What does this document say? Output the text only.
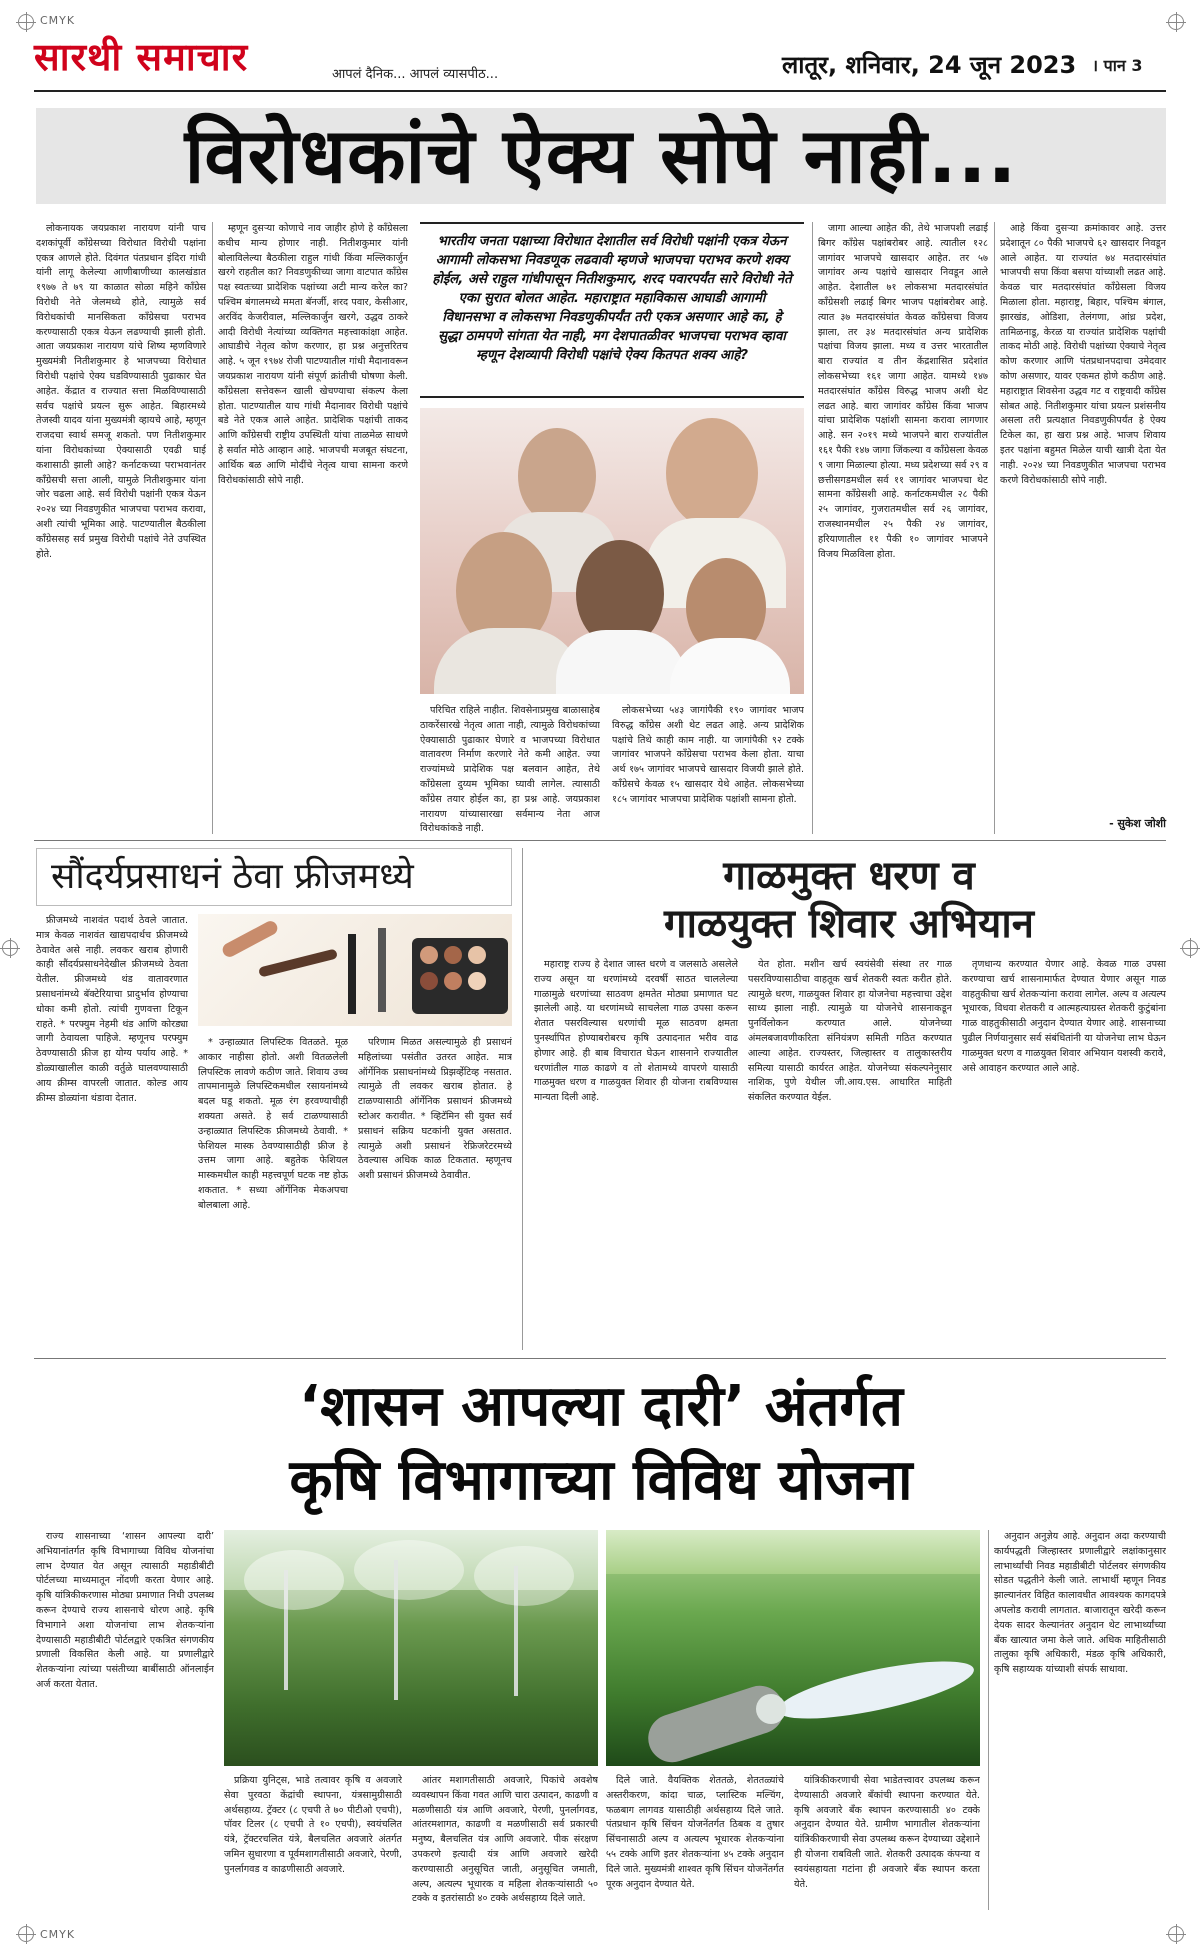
CMYK
सारथी समाचार	आपलं दैनिक... आपलं व्यासपीठ...	लातूर, शनिवार, 24 जून 2023 । पान 3
विरोधकांचे ऐक्य सोपे नाही...

लोकनायक जयप्रकाश नारायण यांनी पाच दशकांपूर्वी काँग्रेसच्या विरोधात विरोधी पक्षांना एकत्र आणले होते. दिवंगत पंतप्रधान इंदिरा गांधी यांनी लागू केलेल्या आणीबाणीच्या कालखंडात १९७७ ते ७९ या काळात सोळा महिने काँग्रेस विरोधी नेते जेलमध्ये होते, त्यामुळे सर्व विरोधकांची मानसिकता काँग्रेसचा पराभव करण्यासाठी एकत्र येऊन लढण्याची झाली होती. आता जयप्रकाश नारायण यांचे शिष्य म्हणविणारे मुख्यमंत्री नितीशकुमार हे भाजपच्या विरोधात विरोधी पक्षांचे ऐक्य घडविण्यासाठी पुढाकार घेत आहेत. केंद्रात व राज्यात सत्ता मिळविण्यासाठी सर्वच पक्षांचे प्रयत्न सुरू आहेत. बिहारमध्ये तेजस्वी यादव यांना मुख्यमंत्री व्हायचे आहे, म्हणून राजदचा स्वार्थ समजू शकतो. पण नितीशकुमार यांना विरोधकांच्या ऐक्यासाठी एवढी घाई कशासाठी झाली आहे? कर्नाटकच्या पराभवानंतर काँग्रेसची सत्ता आली, यामुळे नितीशकुमार यांना जोर चढला आहे. सर्व विरोधी पक्षांनी एकत्र येऊन २०२४ च्या निवडणुकीत भाजपचा पराभव करावा, अशी त्यांची भूमिका आहे. पाटण्यातील बैठकीला काँग्रेससह सर्व प्रमुख विरोधी पक्षांचे नेते उपस्थित होते.

म्हणून दुसऱ्या कोणाचे नाव जाहीर होणे हे काँग्रेसला कधीच मान्य होणार नाही. नितीशकुमार यांनी बोलाविलेल्या बैठकीला राहुल गांधी किंवा मल्लिकार्जुन खरगे राहतील का? निवडणुकीच्या जागा वाटपात काँग्रेस पक्ष स्वतःच्या प्रादेशिक पक्षांच्या अटी मान्य करेल का? पश्चिम बंगालमध्ये ममता बॅनर्जी, शरद पवार, केसीआर, अरविंद केजरीवाल, मल्लिकार्जुन खरगे, उद्धव ठाकरे आदी विरोधी नेत्यांच्या व्यक्तिगत महत्त्वाकांक्षा आहेत. आघाडीचे नेतृत्व कोण करणार, हा प्रश्न अनुत्तरितच आहे. ५ जून १९७४ रोजी पाटण्यातील गांधी मैदानावरून जयप्रकाश नारायण यांनी संपूर्ण क्रांतीची घोषणा केली. काँग्रेसला सत्तेवरून खाली खेचण्याचा संकल्प केला होता. पाटण्यातील याच गांधी मैदानावर विरोधी पक्षांचे बडे नेते एकत्र आले आहेत. प्रादेशिक पक्षांची ताकद आणि काँग्रेसची राष्ट्रीय उपस्थिती यांचा ताळमेळ साधणे हे सर्वात मोठे आव्हान आहे. भाजपची मजबूत संघटना, आर्थिक बळ आणि मोदींचे नेतृत्व याचा सामना करणे विरोधकांसाठी सोपे नाही.

भारतीय जनता पक्षाच्या विरोधात देशातील सर्व विरोधी पक्षांनी एकत्र येऊन आगामी लोकसभा निवडणूक लढवावी म्हणजे भाजपचा पराभव करणे शक्य होईल, असे राहुल गांधीपासून नितीशकुमार, शरद पवारपर्यंत सारे विरोधी नेते एका सुरात बोलत आहेत. महाराष्ट्रात महाविकास आघाडी आगामी विधानसभा व लोकसभा निवडणुकीपर्यंत तरी एकत्र असणार आहे का, हे सुद्धा ठामपणे सांगता येत नाही, मग देशपातळीवर भाजपचा पराभव व्हावा म्हणून देशव्यापी विरोधी पक्षांचे ऐक्य कितपत शक्य आहे?

परिचित राहिले नाहीत. शिवसेनाप्रमुख बाळासाहेब ठाकरेंसारखे नेतृत्व आता नाही, त्यामुळे विरोधकांच्या ऐक्यासाठी पुढाकार घेणारे व भाजपच्या विरोधात वातावरण निर्माण करणारे नेते कमी आहेत. ज्या राज्यांमध्ये प्रादेशिक पक्ष बलवान आहेत, तेथे काँग्रेसला दुय्यम भूमिका घ्यावी लागेल. त्यासाठी काँग्रेस तयार होईल का, हा प्रश्न आहे. जयप्रकाश नारायण यांच्यासारखा सर्वमान्य नेता आज विरोधकांकडे नाही.

लोकसभेच्या ५४३ जागांपैकी १९० जागांवर भाजप विरुद्ध काँग्रेस अशी थेट लढत आहे. अन्य प्रादेशिक पक्षांचे तिथे काही काम नाही. या जागांपैकी ९२ टक्के जागांवर भाजपने काँग्रेसचा पराभव केला होता. याचा अर्थ १७५ जागांवर भाजपचे खासदार विजयी झाले होते. काँग्रेसचे केवळ १५ खासदार येथे आहेत. लोकसभेच्या १८५ जागांवर भाजपचा प्रादेशिक पक्षांशी सामना होतो.

जागा आल्या आहेत की, तेथे भाजपशी लढाई बिगर काँग्रेस पक्षांबरोबर आहे. त्यातील १२८ जागांवर भाजपचे खासदार आहेत. तर ५७ जागांवर अन्य पक्षांचे खासदार निवडून आले आहेत. देशातील ७१ लोकसभा मतदारसंघांत काँग्रेसशी लढाई बिगर भाजप पक्षांबरोबर आहे. त्यात ३७ मतदारसंघांत केवळ काँग्रेसचा विजय झाला, तर ३४ मतदारसंघांत अन्य प्रादेशिक पक्षांचा विजय झाला. मध्य व उत्तर भारतातील बारा राज्यांत व तीन केंद्रशासित प्रदेशांत लोकसभेच्या १६१ जागा आहेत. यामध्ये १४७ मतदारसंघांत काँग्रेस विरुद्ध भाजप अशी थेट लढत आहे. बारा जागांवर काँग्रेस किंवा भाजप यांचा प्रादेशिक पक्षांशी सामना करावा लागणार आहे. सन २०१९ मध्ये भाजपने बारा राज्यांतील १६१ पैकी १४७ जागा जिंकल्या व काँग्रेसला केवळ ९ जागा मिळाल्या होत्या. मध्य प्रदेशच्या सर्व २९ व छत्तीसगडमधील सर्व ११ जागांवर भाजपचा थेट सामना काँग्रेसशी आहे. कर्नाटकमधील २८ पैकी २५ जागांवर, गुजरातमधील सर्व २६ जागांवर, राजस्थानमधील २५ पैकी २४ जागांवर, हरियाणातील ११ पैकी १० जागांवर भाजपने विजय मिळविला होता.

आहे किंवा दुसऱ्या क्रमांकावर आहे. उत्तर प्रदेशातून ८० पैकी भाजपचे ६२ खासदार निवडून आले आहेत. या राज्यांत ७४ मतदारसंघांत भाजपची सपा किंवा बसपा यांच्याशी लढत आहे. केवळ चार मतदारसंघांत काँग्रेसला विजय मिळाला होता. महाराष्ट्र, बिहार, पश्चिम बंगाल, झारखंड, ओडिशा, तेलंगणा, आंध्र प्रदेश, तामिळनाडू, केरळ या राज्यांत प्रादेशिक पक्षांची ताकद मोठी आहे. विरोधी पक्षांच्या ऐक्याचे नेतृत्व कोण करणार आणि पंतप्रधानपदाचा उमेदवार कोण असणार, यावर एकमत होणे कठीण आहे. महाराष्ट्रात शिवसेना उद्धव गट व राष्ट्रवादी काँग्रेस सोबत आहे. नितीशकुमार यांचा प्रयत्न प्रशंसनीय असला तरी प्रत्यक्षात निवडणुकीपर्यंत हे ऐक्य टिकेल का, हा खरा प्रश्न आहे. भाजप शिवाय इतर पक्षांना बहुमत मिळेल याची खात्री देता येत नाही. २०२४ च्या निवडणुकीत भाजपचा पराभव करणे विरोधकांसाठी सोपे नाही.

- सुकेश जोशी
सौंदर्यप्रसाधनं ठेवा फ्रीजमध्ये

फ्रीजमध्ये नाशवंत पदार्थ ठेवले जातात. मात्र केवळ नाशवंत खाद्यपदार्थच फ्रीजमध्ये ठेवावेत असे नाही. लवकर खराब होणारी काही सौंदर्यप्रसाधनेदेखील फ्रीजमध्ये ठेवता येतील. फ्रीजमध्ये थंड वातावरणात प्रसाधनांमध्ये बॅक्टेरियाचा प्रादुर्भाव होण्याचा धोका कमी होतो. त्यांची गुणवत्ता टिकून राहते. * परफ्युम नेहमी थंड आणि कोरड्या जागी ठेवायला पाहिजे. म्हणूनच परफ्युम ठेवण्यासाठी फ्रीज हा योग्य पर्याय आहे. * डोळ्याखालील काळी वर्तुळे घालवण्यासाठी आय क्रीम्स वापरली जातात. कोल्ड आय क्रीम्स डोळ्यांना थंडावा देतात.

* उन्हाळ्यात लिपस्टिक वितळते. मूळ आकार नाहीसा होतो. अशी वितळलेली लिपस्टिक लावणे कठीण जाते. शिवाय उच्च तापमानामुळे लिपस्टिकमधील रसायनांमध्ये बदल घडू शकतो. मूळ रंग हरवण्याचीही शक्यता असते. हे सर्व टाळण्यासाठी उन्हाळ्यात लिपस्टिक फ्रीजमध्ये ठेवावी. * फेशियल मास्क ठेवण्यासाठीही फ्रीज हे उत्तम जागा आहे. बहुतेक फेशियल मास्कमधील काही महत्त्वपूर्ण घटक नष्ट होऊ शकतात. * सध्या ऑर्गेनिक मेकअपचा बोलबाला आहे.

परिणाम मिळत असल्यामुळे ही प्रसाधनं महिलांच्या पसंतीत उतरत आहेत. मात्र ऑर्गेनिक प्रसाधनांमध्ये प्रिझर्व्हेटिव्ह नसतात. त्यामुळे ती लवकर खराब होतात. हे टाळण्यासाठी ऑर्गेनिक प्रसाधनं फ्रीजमध्ये स्टोअर करावीत. * व्हिटॅमिन सी युक्त सर्व प्रसाधनं सक्रिय घटकांनी युक्त असतात. त्यामुळे अशी प्रसाधनं रेफ्रिजरेटरमध्ये ठेवल्यास अधिक काळ टिकतात. म्हणूनच अशी प्रसाधनं फ्रीजमध्ये ठेवावीत.

गाळमुक्त धरण व
गाळयुक्त शिवार अभियान

महाराष्ट्र राज्य हे देशात जास्त धरणे व जलसाठे असलेले राज्य असून या धरणांमध्ये दरवर्षी साठत चाललेल्या गाळामुळे धरणांच्या साठवण क्षमतेत मोठ्या प्रमाणात घट झालेली आहे. या धरणांमध्ये साचलेला गाळ उपसा करून शेतात पसरविल्यास धरणांची मूळ साठवण क्षमता पुनर्स्थापित होण्याबरोबरच कृषि उत्पादनात भरीव वाढ होणार आहे. ही बाब विचारात घेऊन शासनाने राज्यातील धरणांतील गाळ काढणे व तो शेतामध्ये वापरणे यासाठी गाळमुक्त धरण व गाळयुक्त शिवार ही योजना राबविण्यास मान्यता दिली आहे.

येत होता. मशीन खर्च स्वयंसेवी संस्था तर गाळ पसरविण्यासाठीचा वाहतूक खर्च शेतकरी स्वतः करीत होते. त्यामुळे धरण, गाळयुक्त शिवार हा योजनेचा महत्त्वाचा उद्देश साध्य झाला नाही. त्यामुळे या योजनेचे शासनाकडून पुनर्विलोकन करण्यात आले. योजनेच्या अंमलबजावणीकरिता संनियंत्रण समिती गठित करण्यात आल्या आहेत. राज्यस्तर, जिल्हास्तर व तालुकास्तरीय समित्या यासाठी कार्यरत आहेत. योजनेच्या संकल्पनेनुसार नाशिक, पुणे येथील जी.आय.एस. आधारित माहिती संकलित करण्यात येईल.

तृणधान्य करण्यात येणार आहे. केवळ गाळ उपसा करण्याचा खर्च शासनामार्फत देण्यात येणार असून गाळ वाहतुकीचा खर्च शेतकऱ्यांना करावा लागेल. अल्प व अत्यल्प भूधारक, विधवा शेतकरी व आत्महत्याग्रस्त शेतकरी कुटुंबांना गाळ वाहतुकीसाठी अनुदान देण्यात येणार आहे. शासनाच्या पुढील निर्णयानुसार सर्व संबंधितांनी या योजनेचा लाभ घेऊन गाळमुक्त धरण व गाळयुक्त शिवार अभियान यशस्वी करावे, असे आवाहन करण्यात आले आहे.

‘शासन आपल्या दारी’ अंतर्गत
कृषि विभागाच्या विविध योजना

राज्य शासनाच्या ‘शासन आपल्या दारी’ अभियानांतर्गत कृषि विभागाच्या विविध योजनांचा लाभ देण्यात येत असून त्यासाठी महाडीबीटी पोर्टलच्या माध्यमातून नोंदणी करता येणार आहे. कृषि यांत्रिकीकरणास मोठ्या प्रमाणात निधी उपलब्ध करून देण्याचे राज्य शासनाचे धोरण आहे. कृषि विभागाने अशा योजनांचा लाभ शेतकऱ्यांना देण्यासाठी महाडीबीटी पोर्टलद्वारे एकत्रित संगणकीय प्रणाली विकसित केली आहे. या प्रणालीद्वारे शेतकऱ्यांना त्यांच्या पसंतीच्या बाबींसाठी ऑनलाईन अर्ज करता येतात.

प्रक्रिया युनिट्स, भाडे तत्वावर कृषि व अवजारे सेवा पुरवठा केंद्रांची स्थापना, यंत्रसामुग्रीसाठी अर्थसहाय्य. ट्रॅक्टर (८ एचपी ते ७० पीटीओ एचपी), पॉवर टिलर (८ एचपी ते १० एचपी), स्वयंचलित यंत्रे, ट्रॅक्टरचलित यंत्रे, बैलचलित अवजारे अंतर्गत जमिन सुधारणा व पूर्वमशागतीसाठी अवजारे, पेरणी, पुनर्लागवड व काढणीसाठी अवजारे.

आंतर मशागतीसाठी अवजारे, पिकांचे अवशेष व्यवस्थापन किंवा गवत आणि चारा उत्पादन, काढणी व मळणीसाठी यंत्र आणि अवजारे, पेरणी, पुनर्लागवड, आंतरमशागत, काढणी व मळणीसाठी सर्व प्रकारची मनुष्य, बैलचलित यंत्र आणि अवजारे. पीक संरक्षण उपकरणे इत्यादी यंत्र आणि अवजारे खरेदी करण्यासाठी अनुसूचित जाती, अनुसूचित जमाती, अल्प, अत्यल्प भूधारक व महिला शेतकऱ्यांसाठी ५० टक्के व इतरांसाठी ४० टक्के अर्थसहाय्य दिले जाते.

दिले जाते. वैयक्तिक शेततळे, शेततळ्यांचे अस्तरीकरण, कांदा चाळ, प्लास्टिक मल्चिंग, फळबाग लागवड यासाठीही अर्थसहाय्य दिले जाते. पंतप्रधान कृषि सिंचन योजनेंतर्गत ठिबक व तुषार सिंचनासाठी अल्प व अत्यल्प भूधारक शेतकऱ्यांना ५५ टक्के आणि इतर शेतकऱ्यांना ४५ टक्के अनुदान दिले जाते. मुख्यमंत्री शाश्वत कृषि सिंचन योजनेंतर्गत पूरक अनुदान देण्यात येते.

यांत्रिकीकरणाची सेवा भाडेतत्त्वावर उपलब्ध करून देण्यासाठी अवजारे बँकांची स्थापना करण्यात येते. कृषि अवजारे बँक स्थापन करण्यासाठी ४० टक्के अनुदान देण्यात येते. ग्रामीण भागातील शेतकऱ्यांना यांत्रिकीकरणाची सेवा उपलब्ध करून देण्याच्या उद्देशाने ही योजना राबविली जाते. शेतकरी उत्पादक कंपन्या व स्वयंसहायता गटांना ही अवजारे बँक स्थापन करता येते.

अनुदान अनुज्ञेय आहे. अनुदान अदा करण्याची कार्यपद्धती जिल्हास्तर प्रणालीद्वारे लक्षांकानुसार लाभार्थ्यांची निवड महाडीबीटी पोर्टलवर संगणकीय सोडत पद्धतीने केली जाते. लाभार्थी म्हणून निवड झाल्यानंतर विहित कालावधीत आवश्यक कागदपत्रे अपलोड करावी लागतात. बाजारातून खरेदी करून देयक सादर केल्यानंतर अनुदान थेट लाभार्थ्यांच्या बँक खात्यात जमा केले जाते. अधिक माहितीसाठी तालुका कृषि अधिकारी, मंडळ कृषि अधिकारी, कृषि सहाय्यक यांच्याशी संपर्क साधावा.

CMYK
